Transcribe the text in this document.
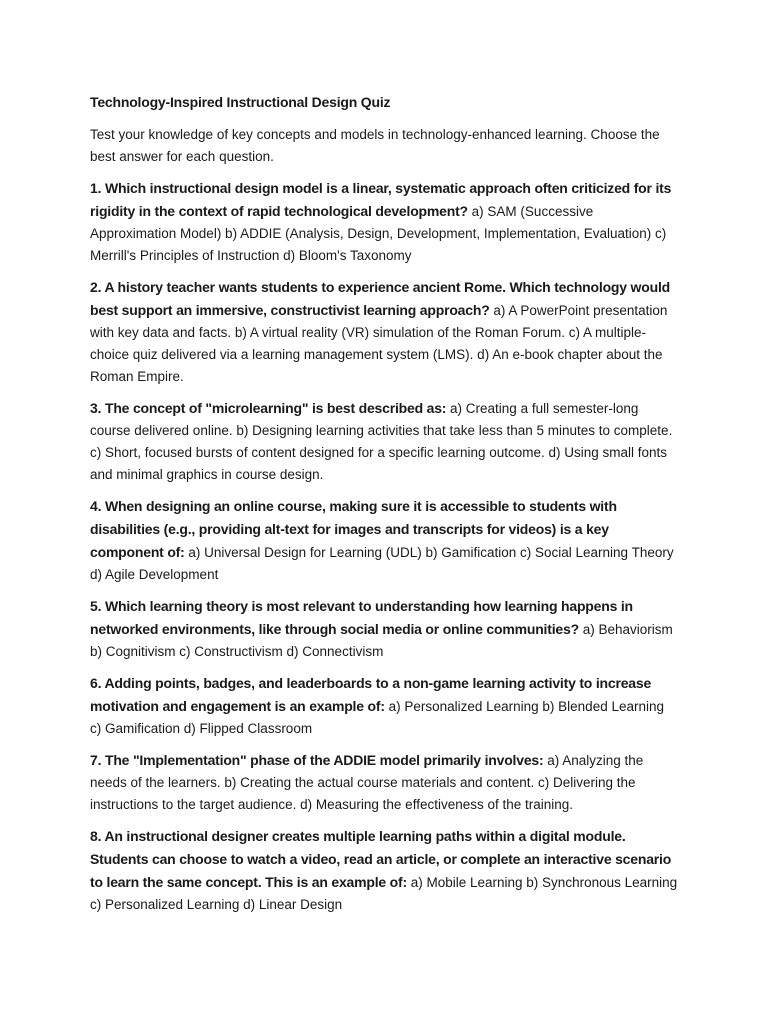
Technology-Inspired Instructional Design Quiz

Test your knowledge of key concepts and models in technology-enhanced learning. Choose the best answer for each question.

1. Which instructional design model is a linear, systematic approach often criticized for its rigidity in the context of rapid technological development? a) SAM (Successive Approximation Model) b) ADDIE (Analysis, Design, Development, Implementation, Evaluation) c) Merrill's Principles of Instruction d) Bloom's Taxonomy

2. A history teacher wants students to experience ancient Rome. Which technology would best support an immersive, constructivist learning approach? a) A PowerPoint presentation with key data and facts. b) A virtual reality (VR) simulation of the Roman Forum. c) A multiple-choice quiz delivered via a learning management system (LMS). d) An e-book chapter about the Roman Empire.

3. The concept of "microlearning" is best described as: a) Creating a full semester-long course delivered online. b) Designing learning activities that take less than 5 minutes to complete. c) Short, focused bursts of content designed for a specific learning outcome. d) Using small fonts and minimal graphics in course design.

4. When designing an online course, making sure it is accessible to students with disabilities (e.g., providing alt-text for images and transcripts for videos) is a key component of: a) Universal Design for Learning (UDL) b) Gamification c) Social Learning Theory d) Agile Development

5. Which learning theory is most relevant to understanding how learning happens in networked environments, like through social media or online communities? a) Behaviorism b) Cognitivism c) Constructivism d) Connectivism

6. Adding points, badges, and leaderboards to a non-game learning activity to increase motivation and engagement is an example of: a) Personalized Learning b) Blended Learning c) Gamification d) Flipped Classroom

7. The "Implementation" phase of the ADDIE model primarily involves: a) Analyzing the needs of the learners. b) Creating the actual course materials and content. c) Delivering the instructions to the target audience. d) Measuring the effectiveness of the training.

8. An instructional designer creates multiple learning paths within a digital module. Students can choose to watch a video, read an article, or complete an interactive scenario to learn the same concept. This is an example of: a) Mobile Learning b) Synchronous Learning c) Personalized Learning d) Linear Design
